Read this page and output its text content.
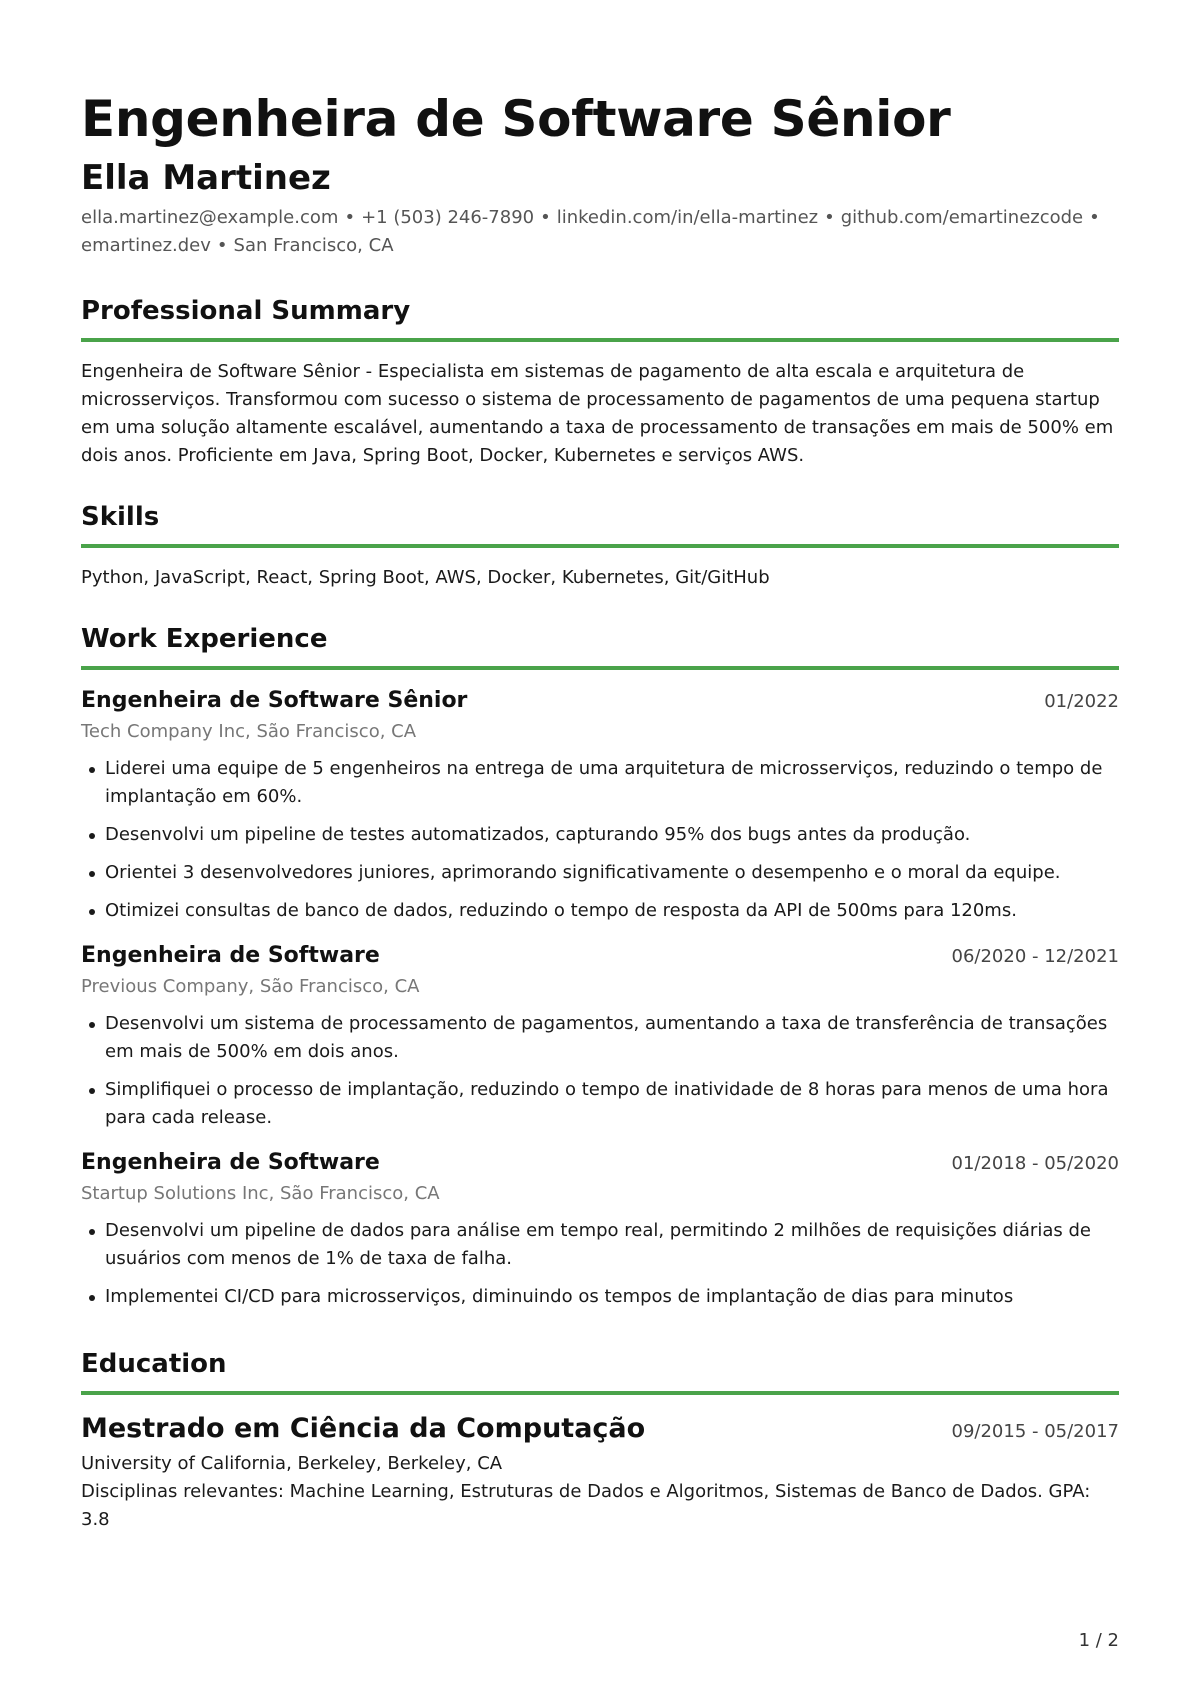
Engenheira de Software Sênior
Ella Martinez
ella.martinez@example.com • +1 (503) 246-7890 • linkedin.com/in/ella-martinez • github.com/emartinezcode •
emartinez.dev • San Francisco, CA
Professional Summary
Engenheira de Software Sênior - Especialista em sistemas de pagamento de alta escala e arquitetura de microsserviços. Transformou com sucesso o sistema de processamento de pagamentos de uma pequena startup em uma solução altamente escalável, aumentando a taxa de processamento de transações em mais de 500% em dois anos. Proficiente em Java, Spring Boot, Docker, Kubernetes e serviços AWS.
Skills
Python, JavaScript, React, Spring Boot, AWS, Docker, Kubernetes, Git/GitHub
Work Experience
Engenheira de Software Sênior	01/2022
Tech Company Inc, São Francisco, CA
Liderei uma equipe de 5 engenheiros na entrega de uma arquitetura de microsserviços, reduzindo o tempo de implantação em 60%.
Desenvolvi um pipeline de testes automatizados, capturando 95% dos bugs antes da produção.
Orientei 3 desenvolvedores juniores, aprimorando significativamente o desempenho e o moral da equipe.
Otimizei consultas de banco de dados, reduzindo o tempo de resposta da API de 500ms para 120ms.
Engenheira de Software	06/2020 - 12/2021
Previous Company, São Francisco, CA
Desenvolvi um sistema de processamento de pagamentos, aumentando a taxa de transferência de transações em mais de 500% em dois anos.
Simplifiquei o processo de implantação, reduzindo o tempo de inatividade de 8 horas para menos de uma hora para cada release.
Engenheira de Software	01/2018 - 05/2020
Startup Solutions Inc, São Francisco, CA
Desenvolvi um pipeline de dados para análise em tempo real, permitindo 2 milhões de requisições diárias de usuários com menos de 1% de taxa de falha.
Implementei CI/CD para microsserviços, diminuindo os tempos de implantação de dias para minutos
Education
Mestrado em Ciência da Computação	09/2015 - 05/2017
University of California, Berkeley, Berkeley, CA
Disciplinas relevantes: Machine Learning, Estruturas de Dados e Algoritmos, Sistemas de Banco de Dados. GPA: 3.8
1 / 2
